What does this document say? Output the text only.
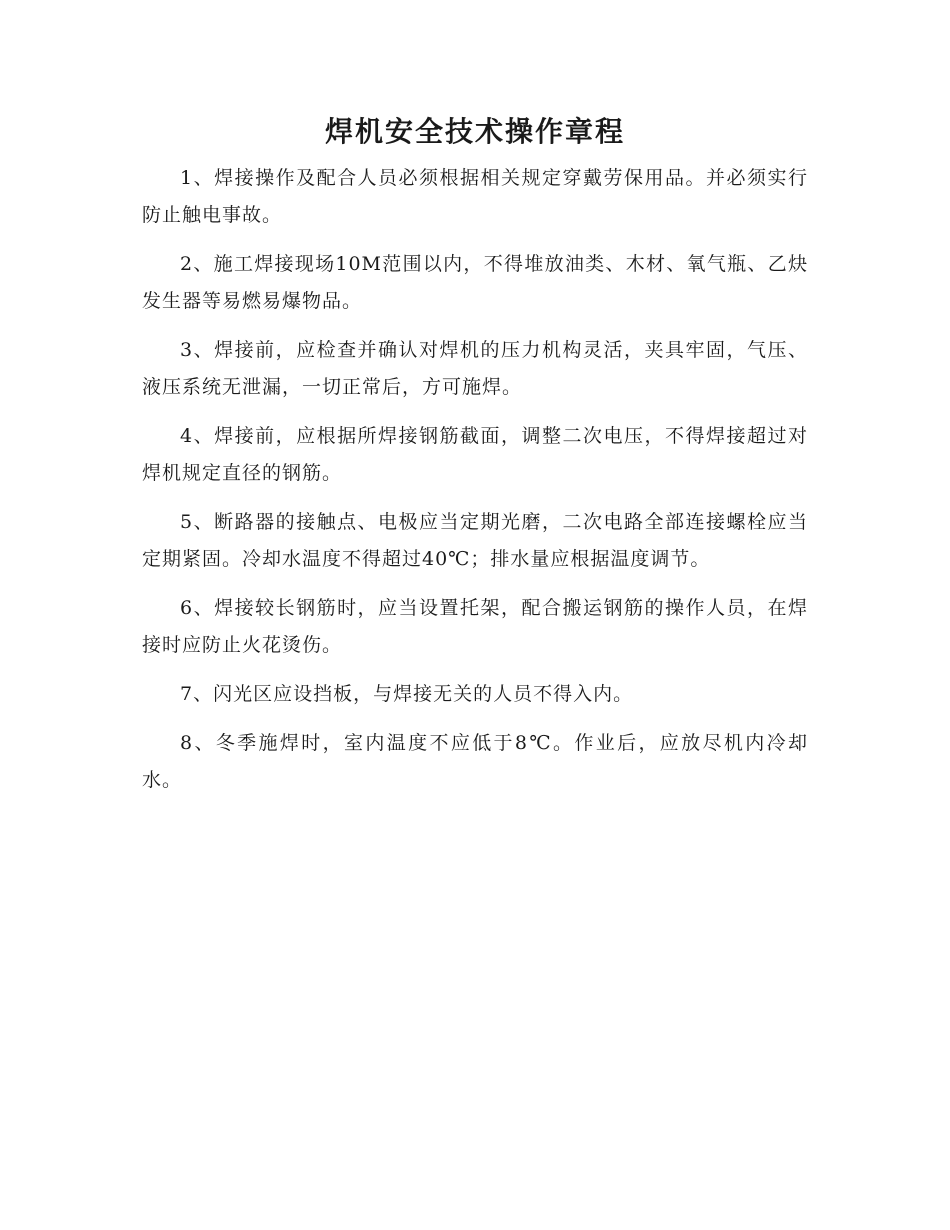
焊机安全技术操作章程

1、焊接操作及配合人员必须根据相关规定穿戴劳保用品。并必须实行防止触电事故。

2、施工焊接现场10M范围以内，不得堆放油类、木材、氧气瓶、乙炔发生器等易燃易爆物品。

3、焊接前，应检查并确认对焊机的压力机构灵活，夹具牢固，气压、液压系统无泄漏，一切正常后，方可施焊。

4、焊接前，应根据所焊接钢筋截面，调整二次电压，不得焊接超过对焊机规定直径的钢筋。

5、断路器的接触点、电极应当定期光磨，二次电路全部连接螺栓应当定期紧固。冷却水温度不得超过40℃；排水量应根据温度调节。

6、焊接较长钢筋时，应当设置托架，配合搬运钢筋的操作人员，在焊接时应防止火花烫伤。

7、闪光区应设挡板，与焊接无关的人员不得入内。

8、冬季施焊时，室内温度不应低于8℃。作业后，应放尽机内冷却水。
